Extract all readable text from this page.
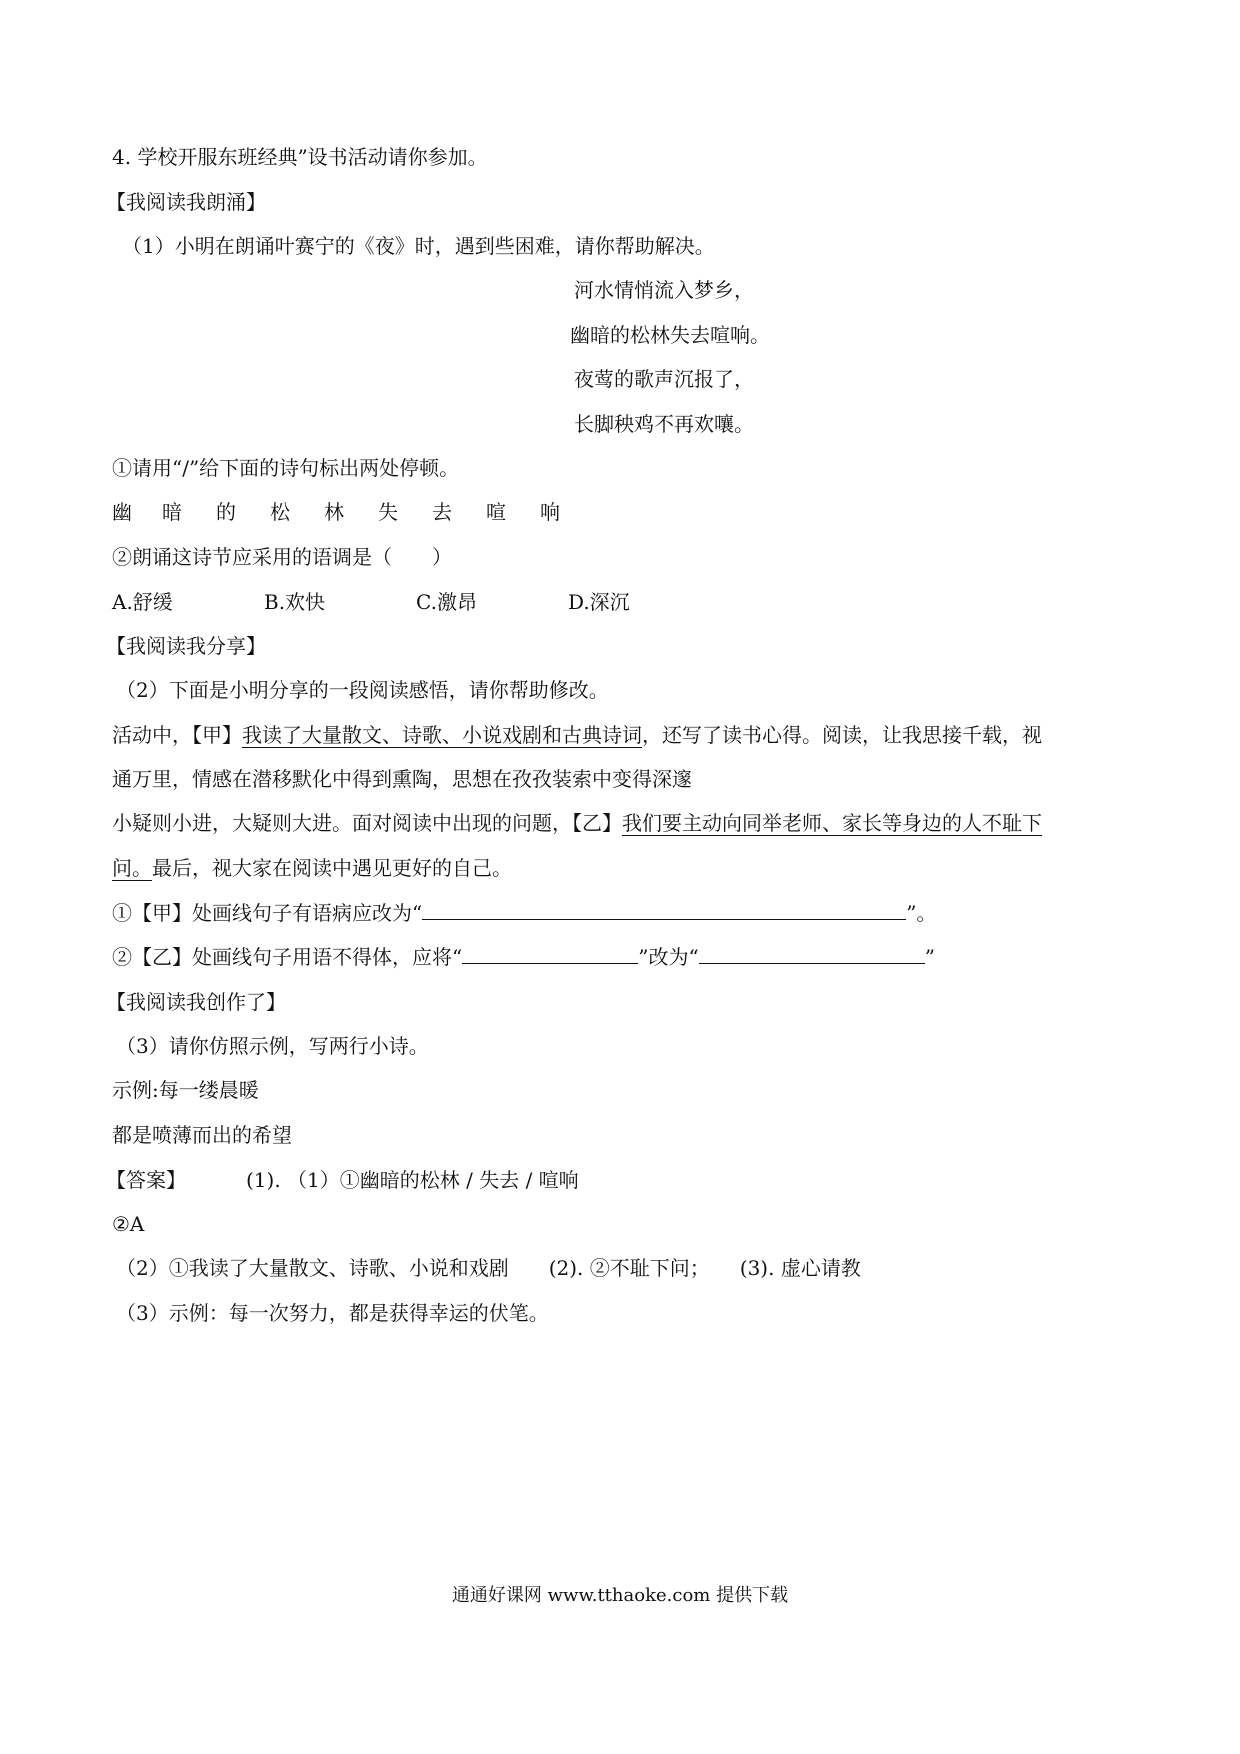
4. 学校开服东班经典”设书活动请你参加。
【我阅读我朗涌】
（1）小明在朗诵叶赛宁的《夜》时，遇到些困难，请你帮助解决。
河水情悄流入梦乡，
幽暗的松林失去喧响。
夜莺的歌声沉报了，
长脚秧鸡不再欢嚷。
①请用“/”给下面的诗句标出两处停顿。
幽	暗	的	松	林	失	去	喧	响
②朗诵这诗节应采用的语调是（　　）
A.舒缓	B.欢快	C.激昂	D.深沉
【我阅读我分享】
（2）下面是小明分享的一段阅读感悟，请你帮助修改。
活动中，【甲】我读了大量散文、诗歌、小说戏剧和古典诗词，还写了读书心得。阅读，让我思接千载，视
通万里，情感在潜移默化中得到熏陶，思想在孜孜装索中变得深邃
小疑则小进，大疑则大进。面对阅读中出现的问题，【乙】我们要主动向同举老师、家长等身边的人不耻下
问。最后，视大家在阅读中遇见更好的自己。
①【甲】处画线句子有语病应改为“	”。
②【乙】处画线句子用语不得体，应将“	”改为“	”
【我阅读我创作了】
（3）请你仿照示例，写两行小诗。
示例:每一缕晨暖
都是喷薄而出的希望
【答案】	(1). （1）①幽暗的松林 / 失去 / 喧响
②A
（2）①我读了大量散文、诗歌、小说和戏剧　　(2). ②不耻下问；　　(3). 虚心请教
（3）示例：每一次努力，都是获得幸运的伏笔。
通通好课网 www.tthaoke.com 提供下载
